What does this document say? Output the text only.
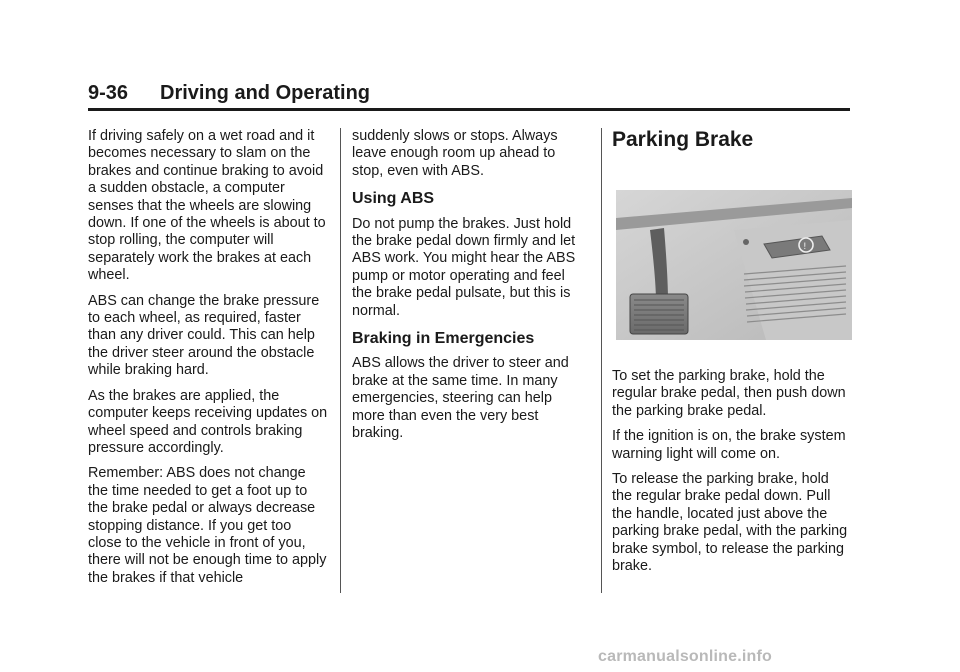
9-36 Driving and Operating

If driving safely on a wet road and it becomes necessary to slam on the brakes and continue braking to avoid a sudden obstacle, a computer senses that the wheels are slowing down. If one of the wheels is about to stop rolling, the computer will separately work the brakes at each wheel.

ABS can change the brake pressure to each wheel, as required, faster than any driver could. This can help the driver steer around the obstacle while braking hard.

As the brakes are applied, the computer keeps receiving updates on wheel speed and controls braking pressure accordingly.

Remember: ABS does not change the time needed to get a foot up to the brake pedal or always decrease stopping distance. If you get too close to the vehicle in front of you, there will not be enough time to apply the brakes if that vehicle

suddenly slows or stops. Always leave enough room up ahead to stop, even with ABS.

Using ABS

Do not pump the brakes. Just hold the brake pedal down firmly and let ABS work. You might hear the ABS pump or motor operating and feel the brake pedal pulsate, but this is normal.

Braking in Emergencies

ABS allows the driver to steer and brake at the same time. In many emergencies, steering can help more than even the very best braking.

Parking Brake
!

To set the parking brake, hold the regular brake pedal, then push down the parking brake pedal.

If the ignition is on, the brake system warning light will come on.

To release the parking brake, hold the regular brake pedal down. Pull the handle, located just above the parking brake pedal, with the parking brake symbol, to release the parking brake.

carmanualsonline.info
